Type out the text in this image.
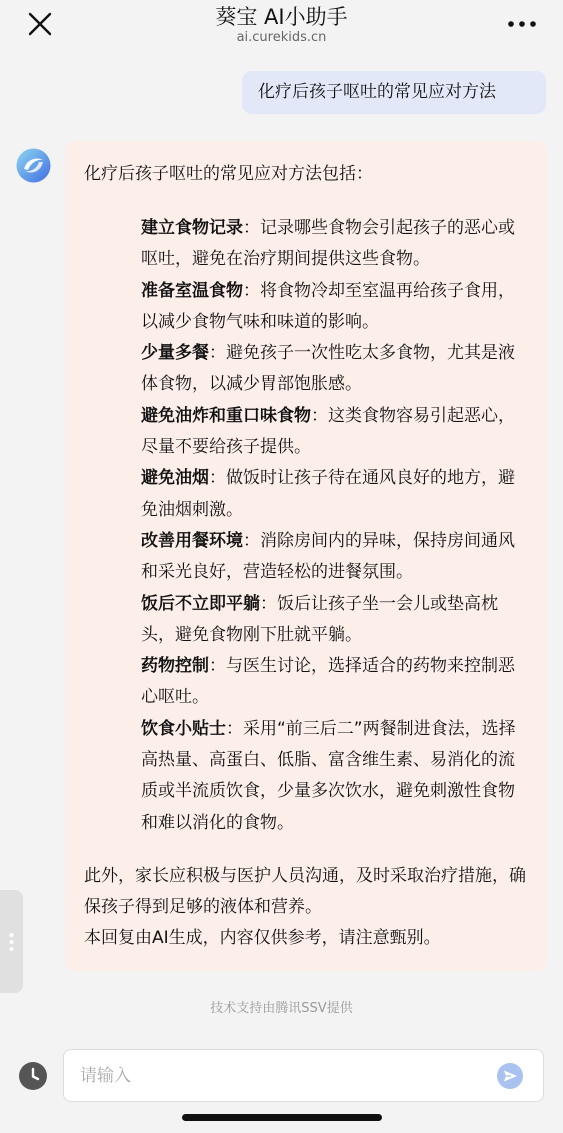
葵宝 AI小助手
ai.curekids.cn
化疗后孩子呕吐的常见应对方法
化疗后孩子呕吐的常见应对方法包括：
建立食物记录：记录哪些食物会引起孩子的恶心或呕吐，避免在治疗期间提供这些食物。
准备室温食物：将食物冷却至室温再给孩子食用，以减少食物气味和味道的影响。
少量多餐：避免孩子一次性吃太多食物，尤其是液体食物，以减少胃部饱胀感。
避免油炸和重口味食物：这类食物容易引起恶心，尽量不要给孩子提供。
避免油烟：做饭时让孩子待在通风良好的地方，避免油烟刺激。
改善用餐环境：消除房间内的异味，保持房间通风和采光良好，营造轻松的进餐氛围。
饭后不立即平躺：饭后让孩子坐一会儿或垫高枕头，避免食物刚下肚就平躺。
药物控制：与医生讨论，选择适合的药物来控制恶心呕吐。
饮食小贴士：采用“前三后二”两餐制进食法，选择高热量、高蛋白、低脂、富含维生素、易消化的流质或半流质饮食，少量多次饮水，避免刺激性食物和难以消化的食物。

此外，家长应积极与医护人员沟通，及时采取治疗措施，确保孩子得到足够的液体和营养。

本回复由AI生成，内容仅供参考，请注意甄别。

技术支持由腾讯SSV提供
请输入
